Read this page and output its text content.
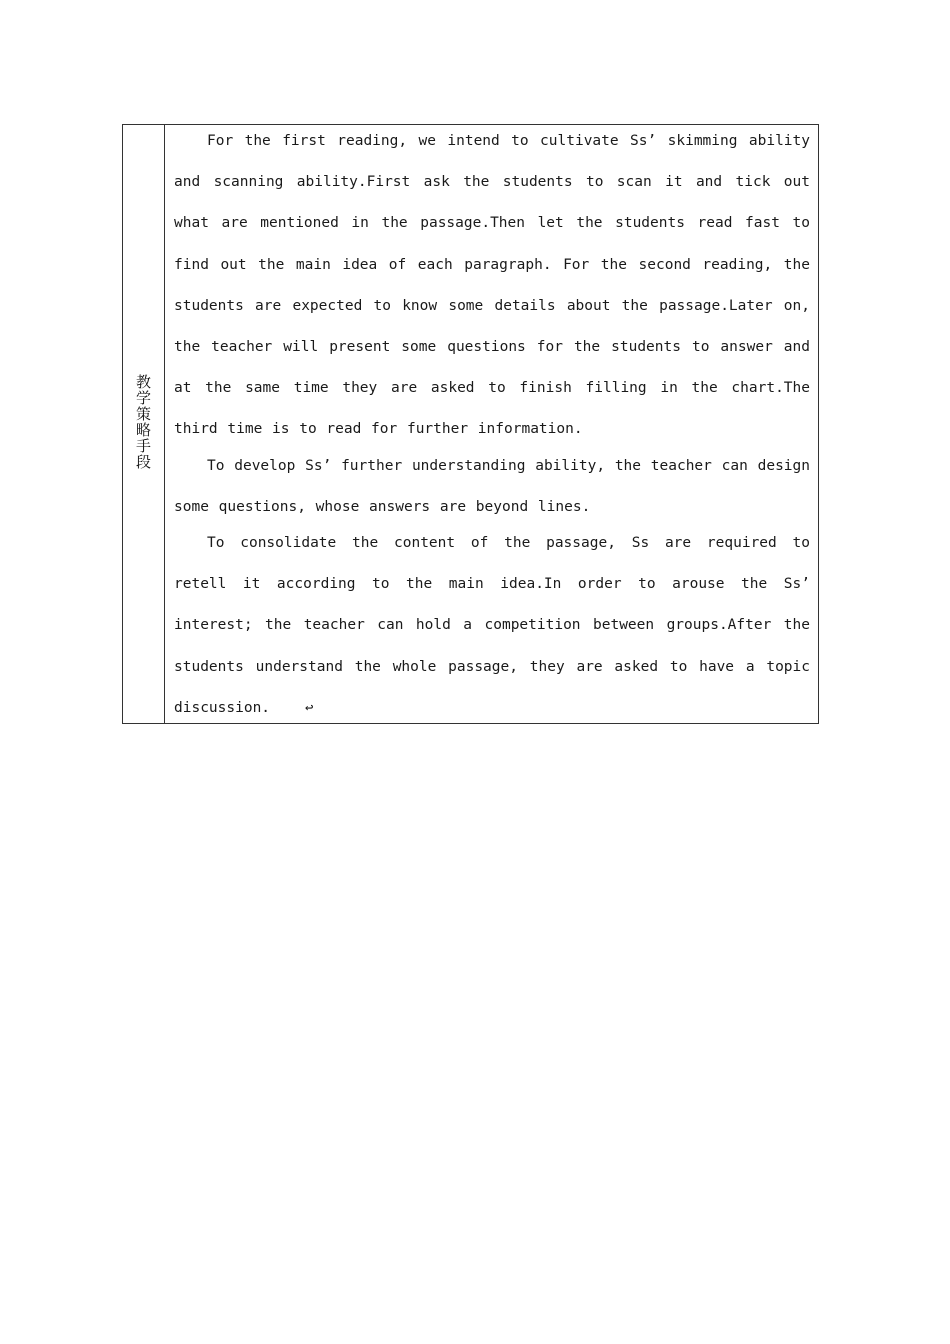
教学策略手段

For the first reading, we intend to cultivate Ss’ skimming ability and scanning ability.First ask the students to scan it and tick out what are mentioned in the passage.Then let the students read fast to find out the main idea of each paragraph. For the second reading, the students are expected to know some details about the passage.Later on, the teacher will present some questions for the students to answer and at the same time they are asked to finish filling in the chart.The third time is to read for further information.

To develop Ss’ further understanding ability, the teacher can design some questions, whose answers are beyond lines.

To consolidate the content of the passage, Ss are required to retell it according to the main idea.In order to arouse the Ss’ interest; the teacher can hold a competition between groups.After the students understand the whole passage, they are asked to have a topic discussion.	↩
